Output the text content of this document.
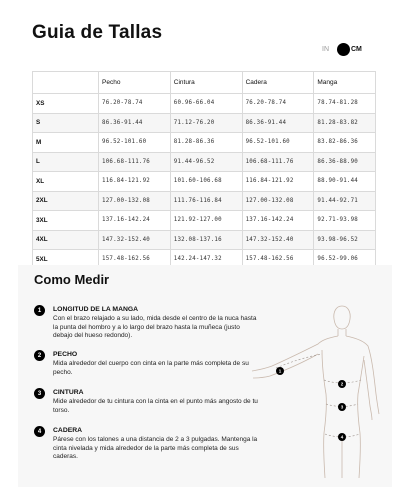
Guia de Tallas
IN	CM
	Pecho	Cintura	Cadera	Manga
XS	76.20-78.74	60.96-66.04	76.20-78.74	78.74-81.28
S	86.36-91.44	71.12-76.20	86.36-91.44	81.28-83.82
M	96.52-101.60	81.28-86.36	96.52-101.60	83.82-86.36
L	106.68-111.76	91.44-96.52	106.68-111.76	86.36-88.90
XL	116.84-121.92	101.60-106.68	116.84-121.92	88.90-91.44
2XL	127.00-132.08	111.76-116.84	127.00-132.08	91.44-92.71
3XL	137.16-142.24	121.92-127.00	137.16-142.24	92.71-93.98
4XL	147.32-152.40	132.08-137.16	147.32-152.40	93.98-96.52
5XL	157.48-162.56	142.24-147.32	157.48-162.56	96.52-99.06
Como Medir
1	LONGITUD DE LA MANGA
Con el brazo relajado a su lado, mida desde el centro de la nuca hasta la punta del hombro y a lo largo del brazo hasta la muñeca (justo debajo del hueso redondo).
2	PECHO
Mida alrededor del cuerpo con cinta en la parte más completa de su pecho.
3	CINTURA
Mide alrededor de tu cintura con la cinta en el punto más angosto de tu torso.
4	CADERA
Párese con los talones a una distancia de 2 a 3 pulgadas. Mantenga la cinta nivelada y mida alrededor de la parte más completa de sus caderas.
1
2
3
4
